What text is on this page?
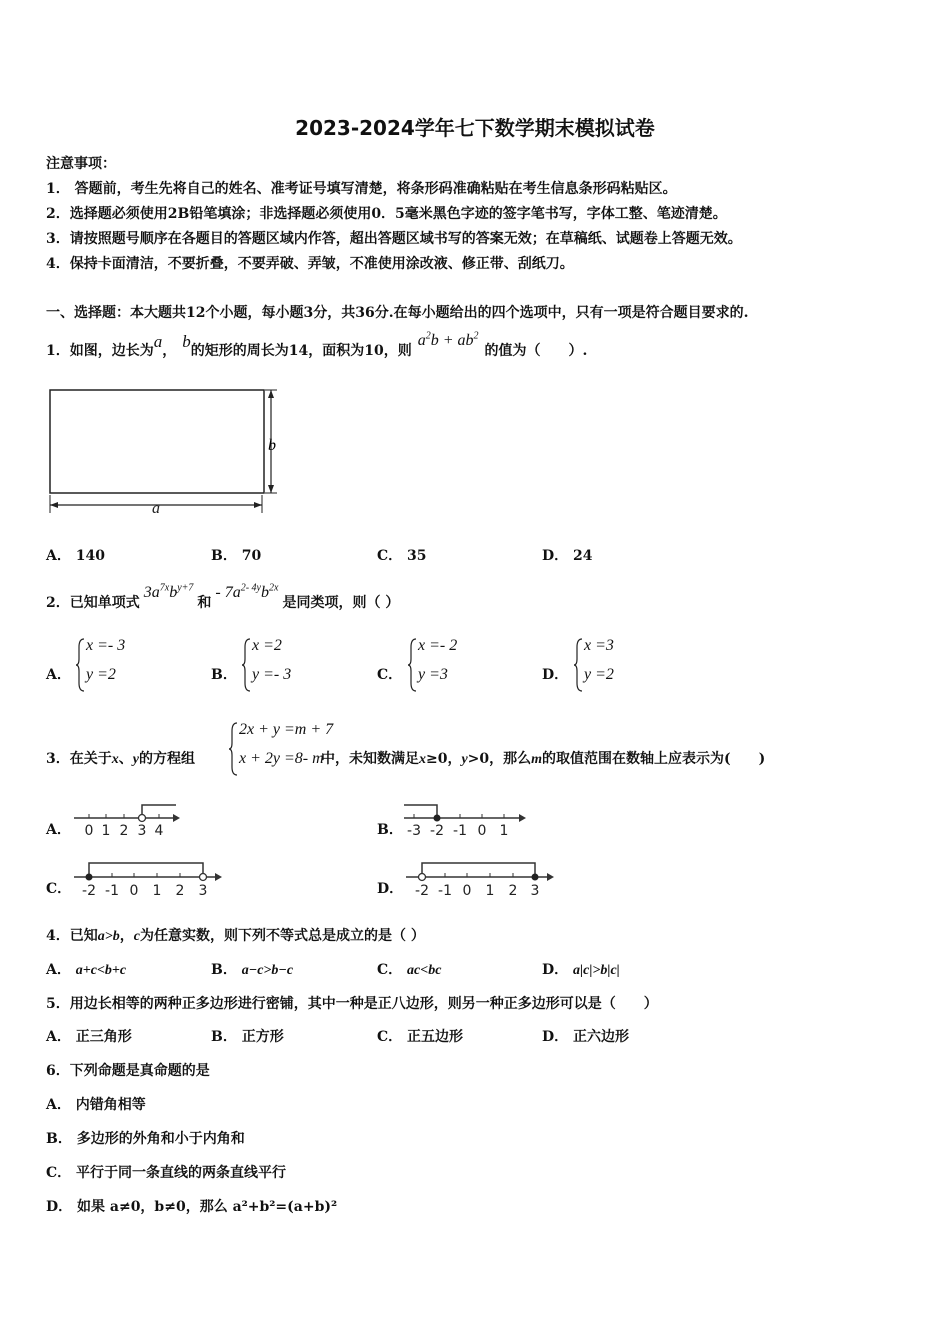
2023-2024学年七下数学期末模拟试卷
注意事项：
1． 答题前，考生先将自己的姓名、准考证号填写清楚，将条形码准确粘贴在考生信息条形码粘贴区。
2．选择题必须使用2B铅笔填涂；非选择题必须使用0．5毫米黑色字迹的签字笔书写，字体工整、笔迹清楚。
3．请按照题号顺序在各题目的答题区域内作答，超出答题区域书写的答案无效；在草稿纸、试题卷上答题无效。
4．保持卡面清洁，不要折叠，不要弄破、弄皱，不准使用涂改液、修正带、刮纸刀。
一、选择题：本大题共12个小题，每小题3分，共36分.在每小题给出的四个选项中，只有一项是符合题目要求的.
1．如图，边长为a， b的矩形的周长为14，面积为10，则$a^2b + ab^2$的值为（　　）.
b
a
A． 140	B． 70	C． 35	D． 24
2．已知单项式$3a^{7x}b^{y+7}$和- $7a^{2- 4y}b^{2x}$是同类项，则（ ）
A．
x =- 3
y =2	B．
x =2
y =- 3	C．
x =- 2
y =3	D．
x =3
y =2
3．在关于x、y的方程组	中，未知数满足x≥0，y>0，那么m的取值范围在数轴上应表示为(　　)
2x + y =m + 7
x + 2y =8- m
A． 0 1 2 3 4	B． -3 -2 -1 0 1
C． -2 -1 0 1 2 3	D． -2 -1 0 1 2 3
4．已知a>b，c为任意实数，则下列不等式总是成立的是（ ）
A． a+c<b+c	B． a−c>b−c	C． ac<bc	D． a|c|>b|c|
5．用边长相等的两种正多边形进行密铺，其中一种是正八边形，则另一种正多边形可以是（　　）
A． 正三角形	B． 正方形	C． 正五边形	D． 正六边形
6．下列命题是真命题的是
A． 内错角相等
B． 多边形的外角和小于内角和
C． 平行于同一条直线的两条直线平行
D． 如果 a≠0，b≠0，那么 a²+b²=(a+b)²
